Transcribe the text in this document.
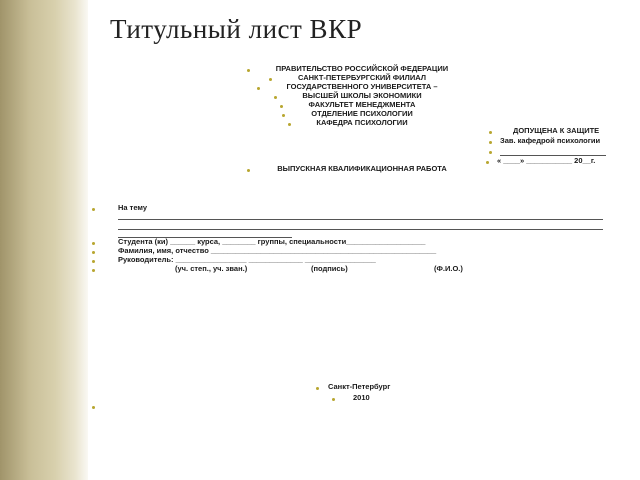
Титульный лист ВКР
ПРАВИТЕЛЬСТВО РОССИЙСКОЙ ФЕДЕРАЦИИ
САНКТ-ПЕТЕРБУРГСКИЙ ФИЛИАЛ
ГОСУДАРСТВЕННОГО УНИВЕРСИТЕТА –
ВЫСШЕЙ ШКОЛЫ ЭКОНОМИКИ
ФАКУЛЬТЕТ МЕНЕДЖМЕНТА
ОТДЕЛЕНИЕ ПСИХОЛОГИИ
КАФЕДРА ПСИХОЛОГИИ
ДОПУЩЕНА К ЗАЩИТЕ
Зав. кафедрой психологии
« ____» ___________ 20__г.
ВЫПУСКНАЯ КВАЛИФИКАЦИОННАЯ РАБОТА
На тему
Студента (ки) ______ курса, ________ группы, специальности___________________
Фамилия, имя, отчество ______________________________________________________
Руководитель: _________________ _____________ _________________
(уч. степ., уч. зван.)	(подпись)	(Ф.И.О.)
Санкт-Петербург
2010
